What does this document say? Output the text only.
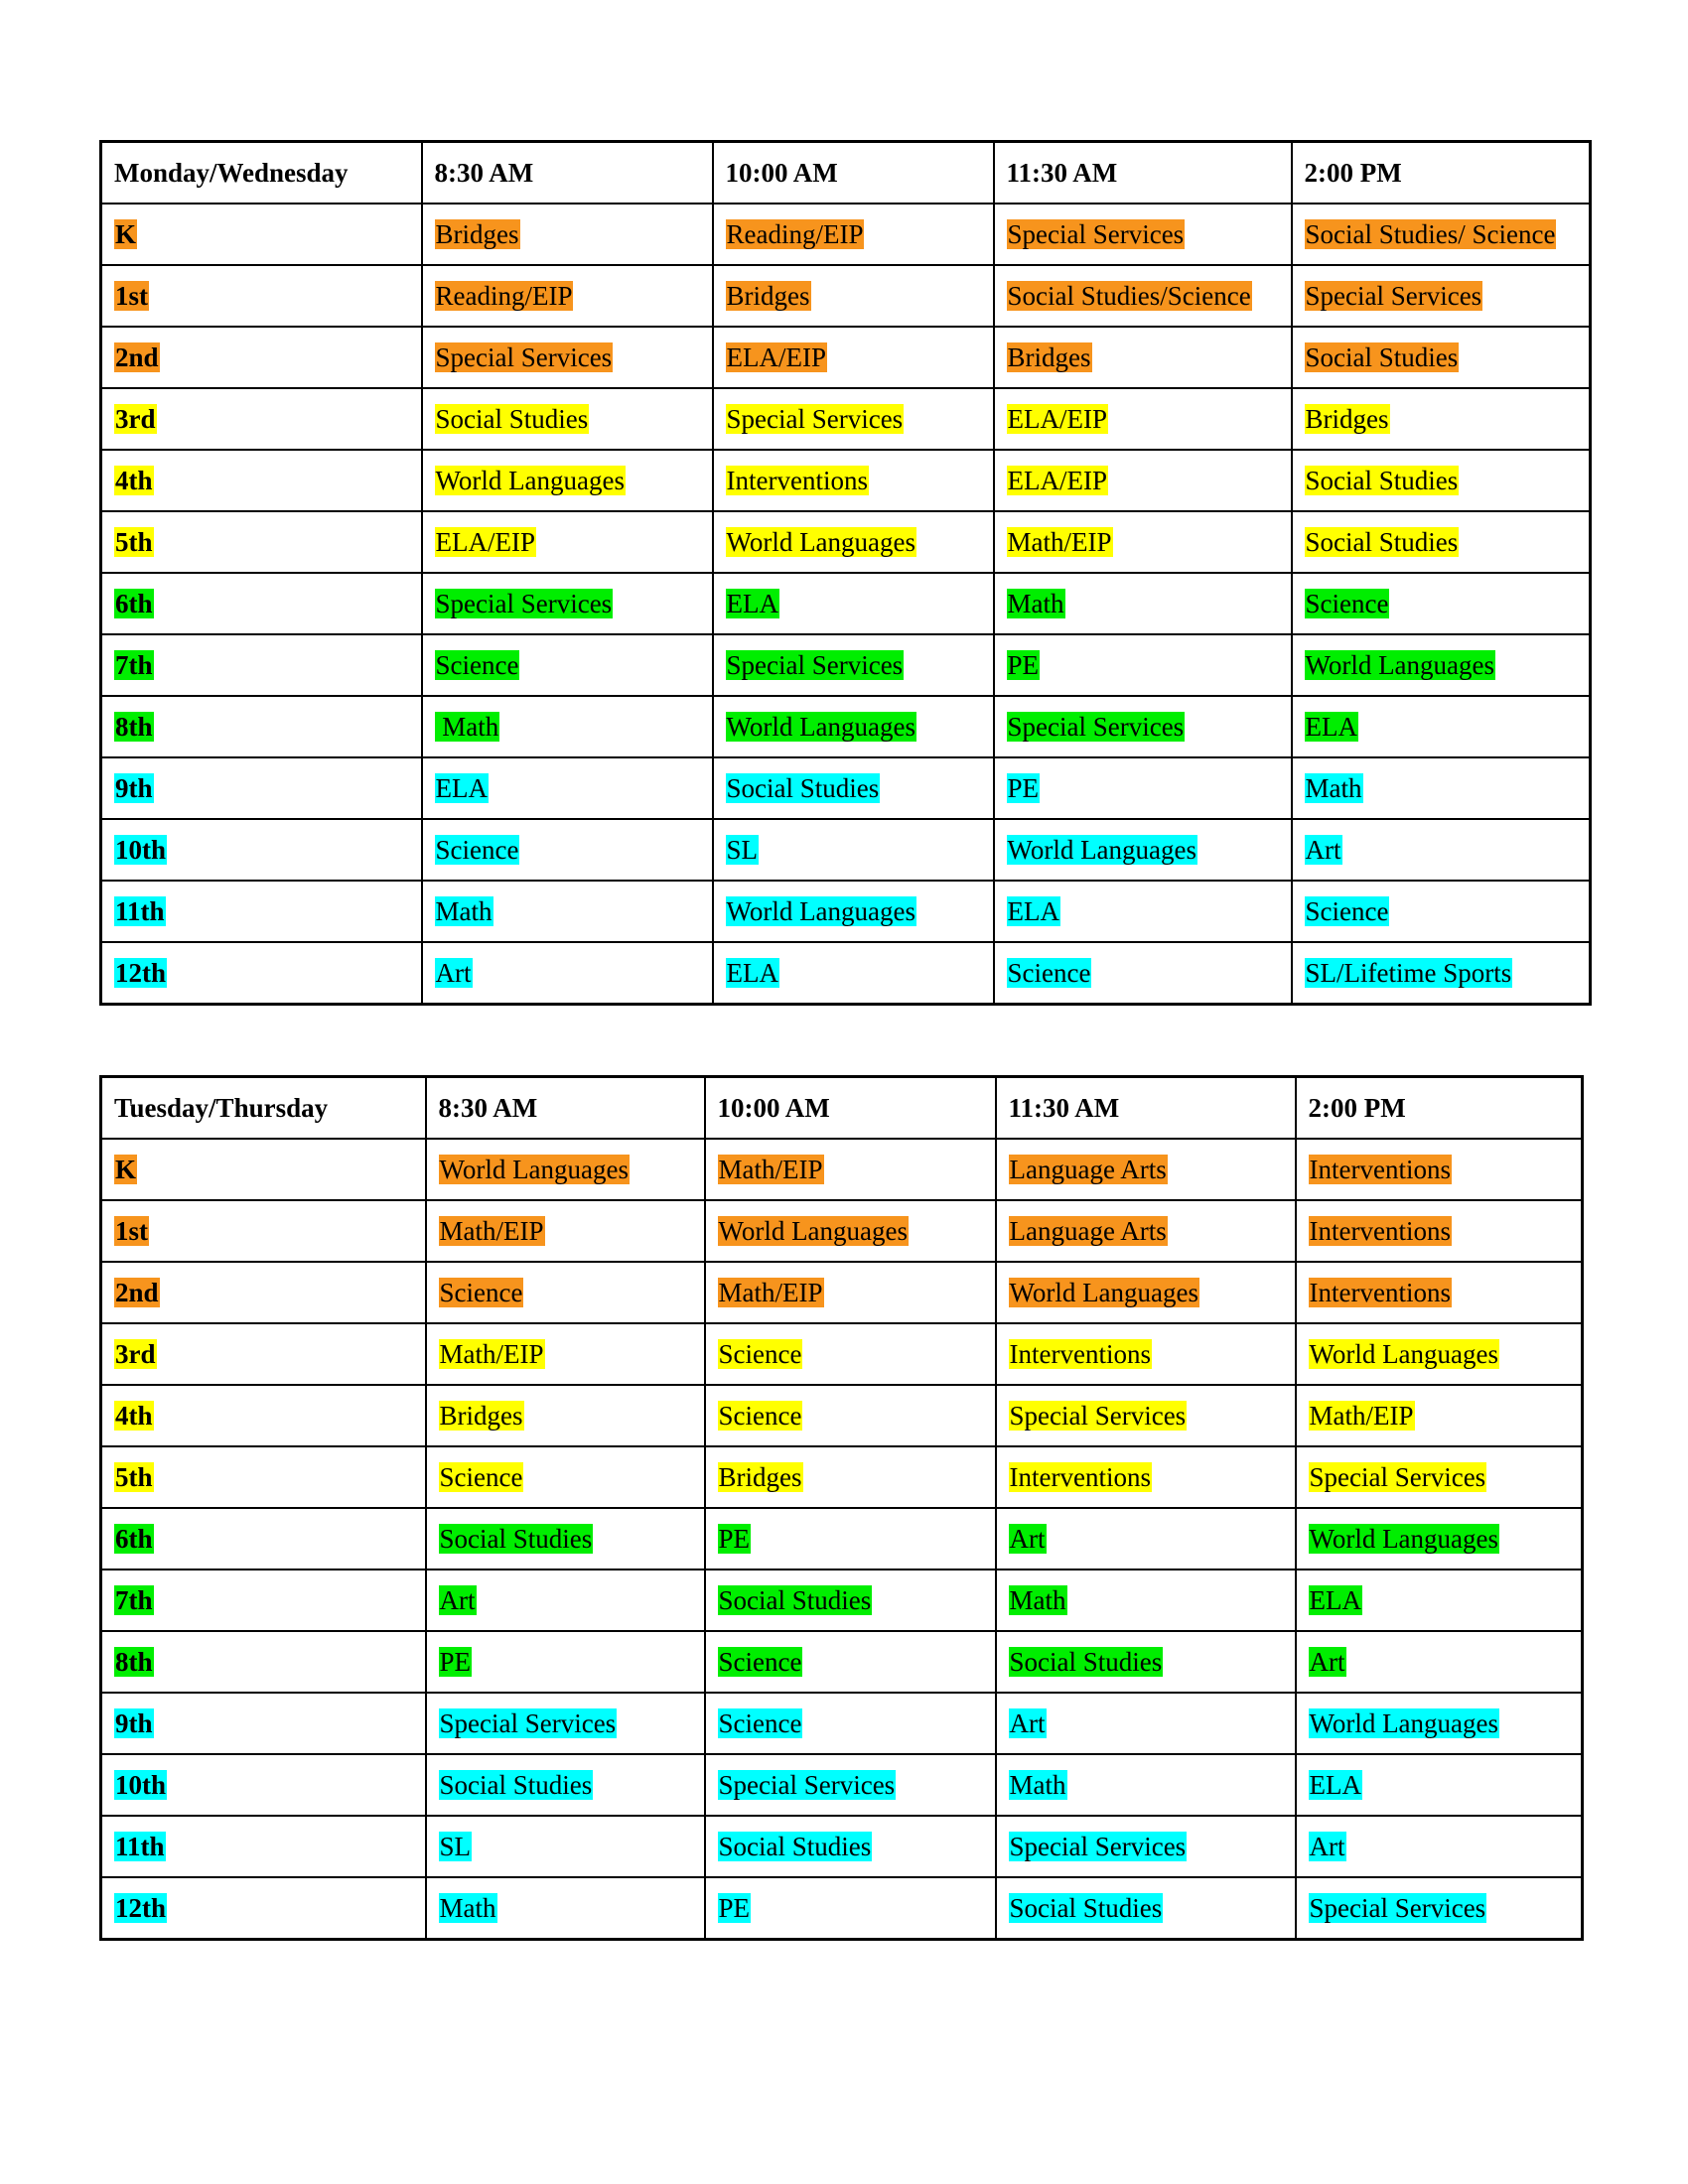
Monday/Wednesday	8:30 AM	10:00 AM	11:30 AM	2:00 PM
K	Bridges	Reading/EIP	Special Services	Social Studies/ Science
1st	Reading/EIP	Bridges	Social Studies/Science	Special Services
2nd	Special Services	ELA/EIP	Bridges	Social Studies
3rd	Social Studies	Special Services	ELA/EIP	Bridges
4th	World Languages	Interventions	ELA/EIP	Social Studies
5th	ELA/EIP	World Languages	Math/EIP	Social Studies
6th	Special Services	ELA	Math	Science
7th	Science	Special Services	PE	World Languages
8th	Math	World Languages	Special Services	ELA
9th	ELA	Social Studies	PE	Math
10th	Science	SL	World Languages	Art
11th	Math	World Languages	ELA	Science
12th	Art	ELA	Science	SL/Lifetime Sports
Tuesday/Thursday	8:30 AM	10:00 AM	11:30 AM	2:00 PM
K	World Languages	Math/EIP	Language Arts	Interventions
1st	Math/EIP	World Languages	Language Arts	Interventions
2nd	Science	Math/EIP	World Languages	Interventions
3rd	Math/EIP	Science	Interventions	World Languages
4th	Bridges	Science	Special Services	Math/EIP
5th	Science	Bridges	Interventions	Special Services
6th	Social Studies	PE	Art	World Languages
7th	Art	Social Studies	Math	ELA
8th	PE	Science	Social Studies	Art
9th	Special Services	Science	Art	World Languages
10th	Social Studies	Special Services	Math	ELA
11th	SL	Social Studies	Special Services	Art
12th	Math	PE	Social Studies	Special Services
